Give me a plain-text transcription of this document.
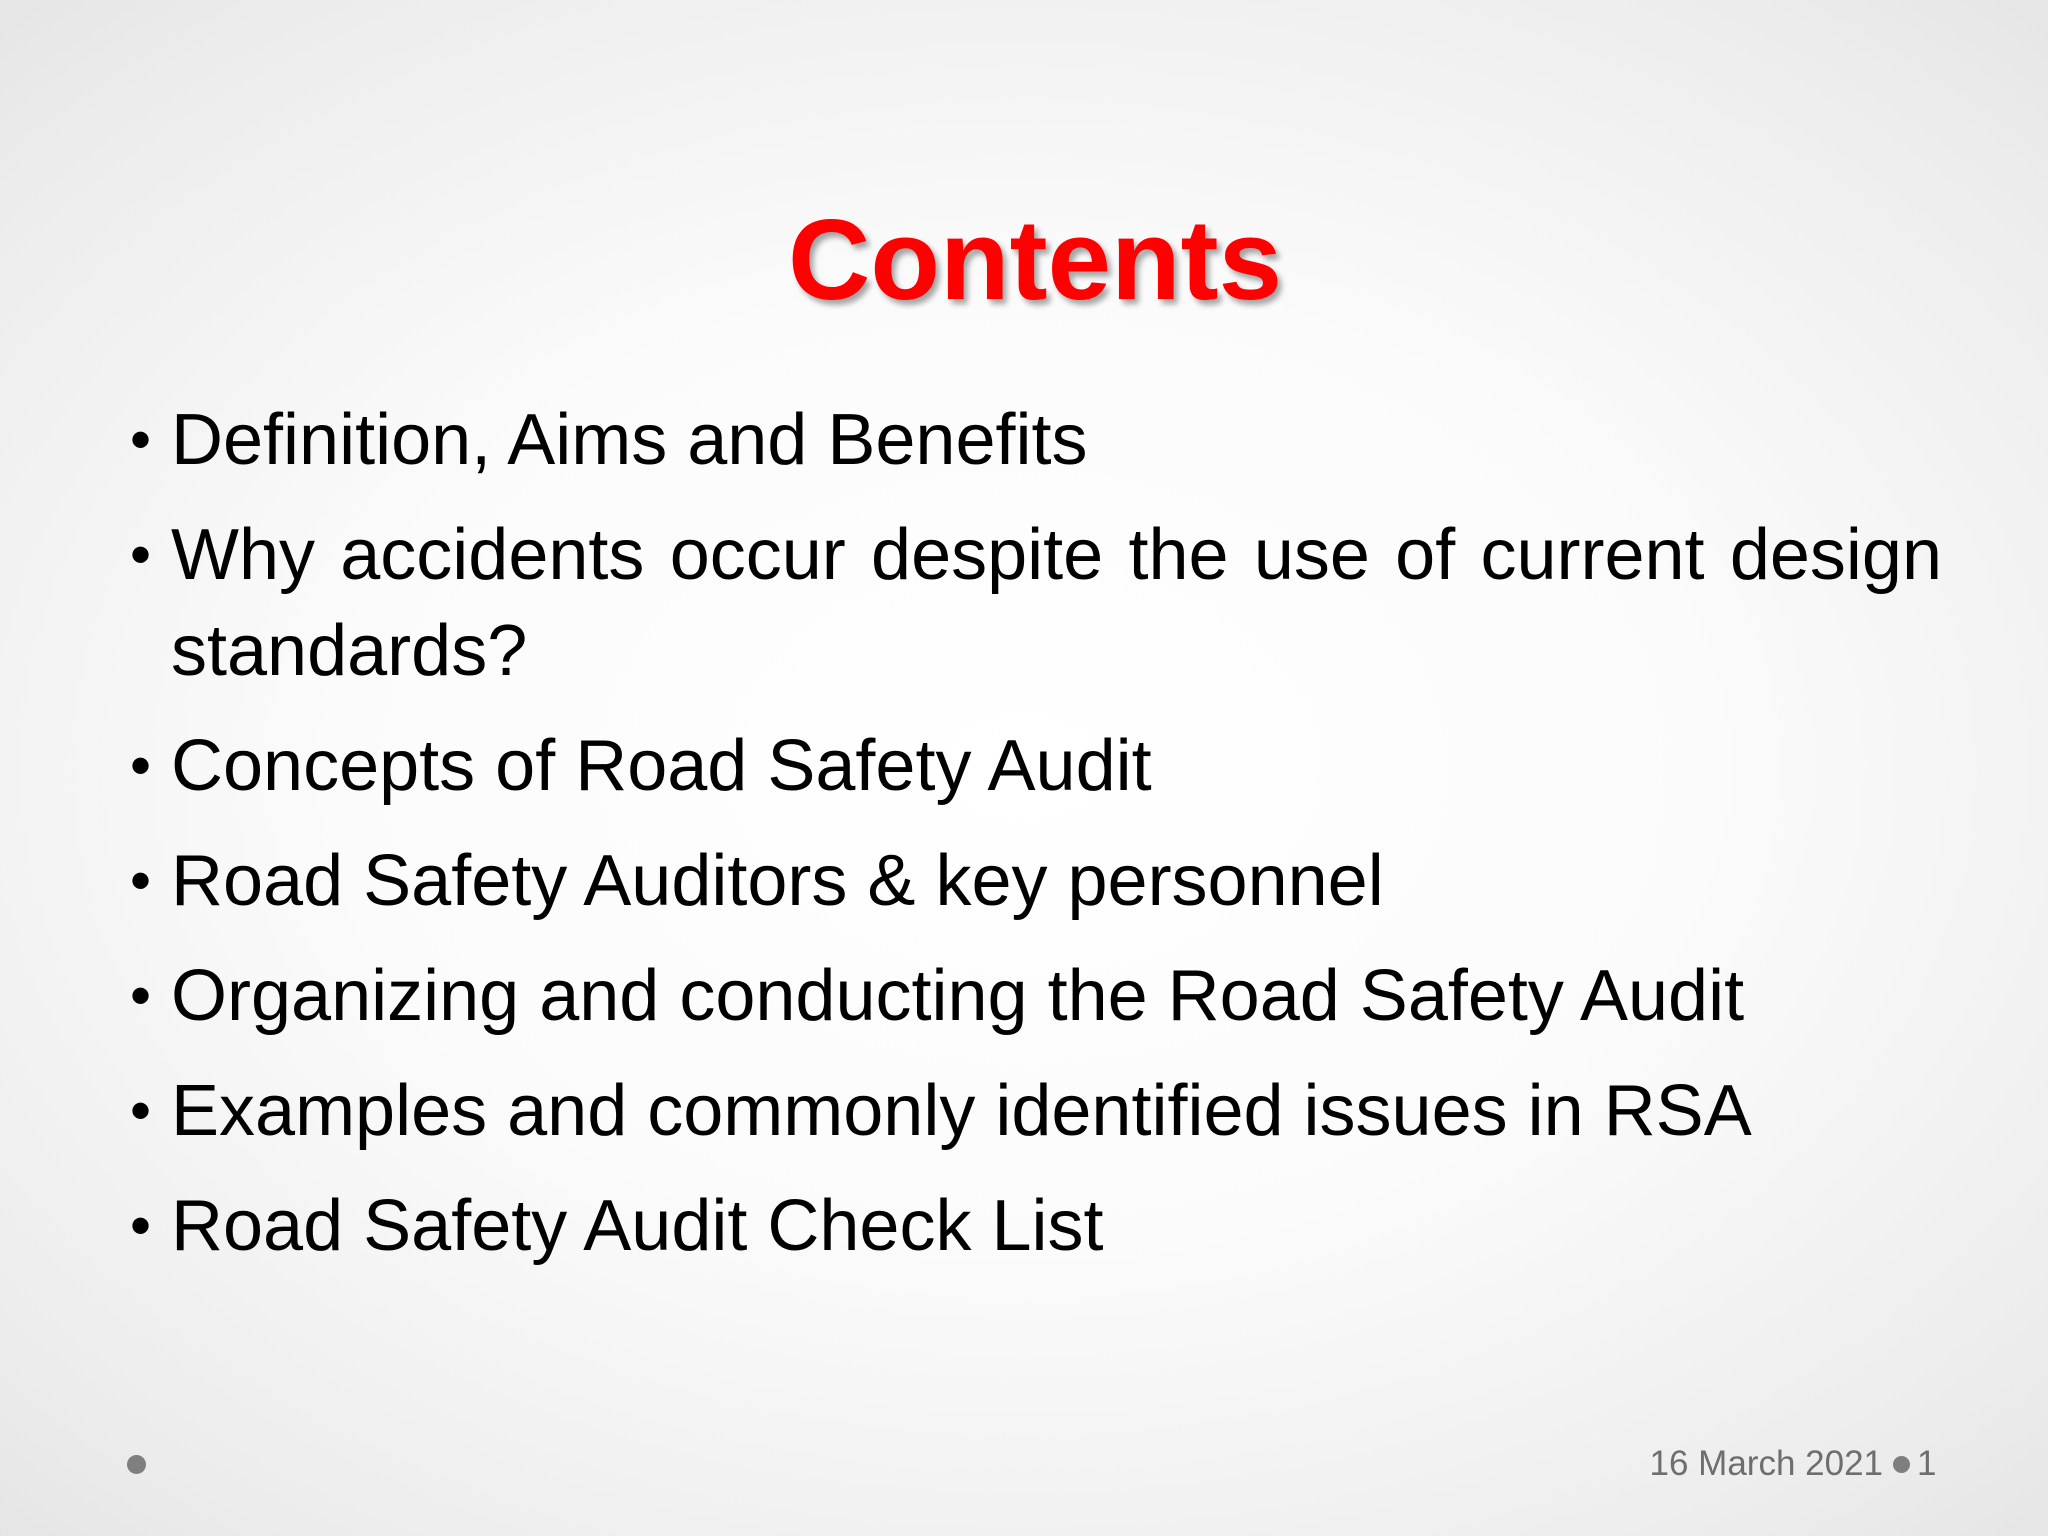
Contents
• Definition, Aims and Benefits
• Why accidents occur despite the use of current design standards?
• Concepts of Road Safety Audit
• Road Safety Auditors & key personnel
• Organizing and conducting the Road Safety Audit
• Examples and commonly identified issues in RSA
• Road Safety Audit Check List
16 March 2021 1
